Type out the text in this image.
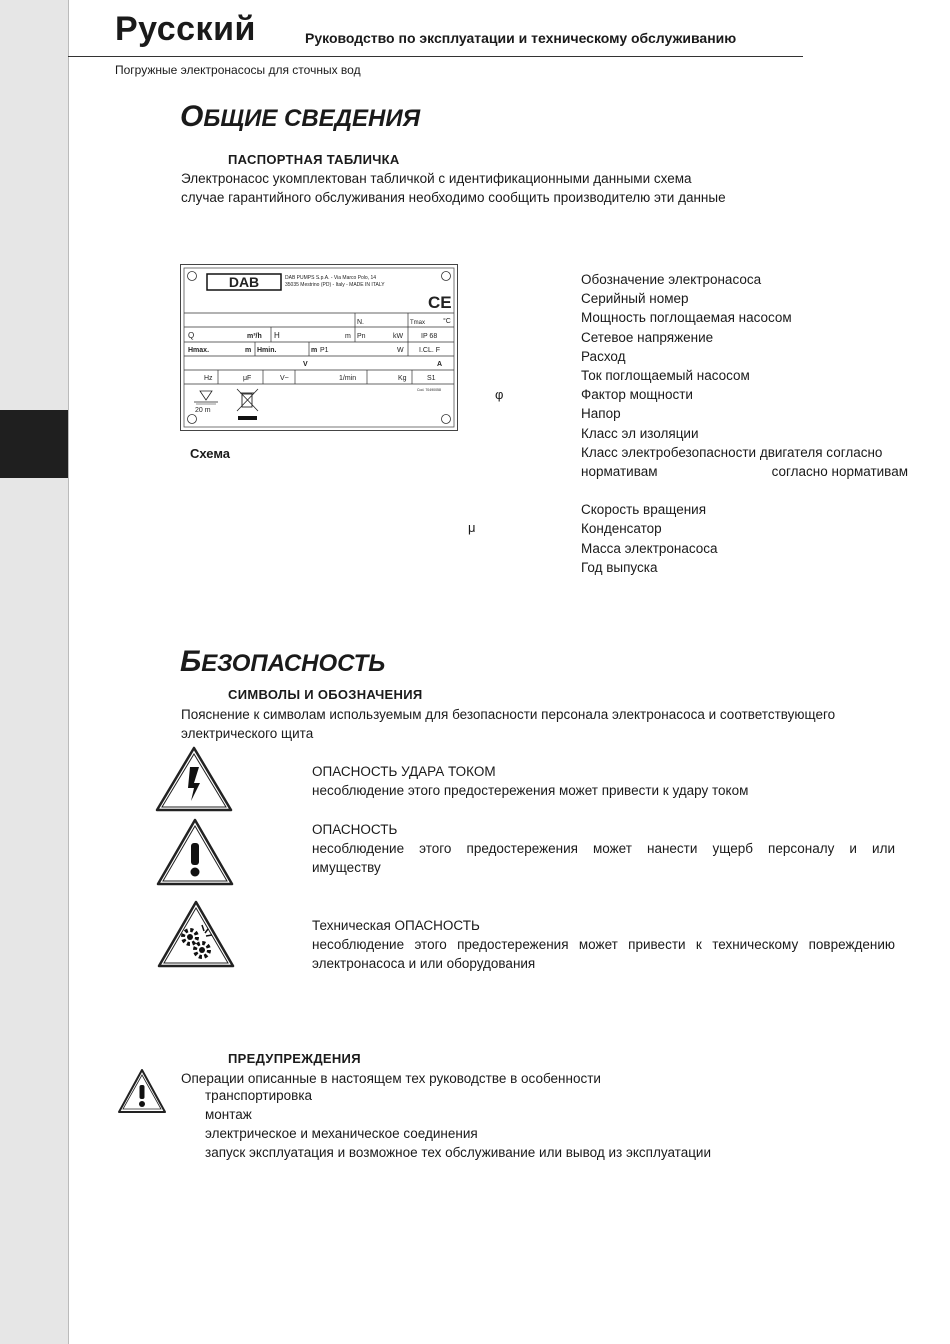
Русский	Руководство по эксплуатации и техническому обслуживанию
Погружные электронасосы для сточных вод
ОБЩИЕ СВЕДЕНИЯ
ПАСПОРТНАЯ ТАБЛИЧКА
Электронасос укомплектован табличкой с идентификационными данными схема
случае гарантийного обслуживания необходимо сообщить производителю эти данные
DAB	DAB PUMPS S.p.A. - Via Marco Polo, 14
35035 Mestrino (PD) - Italy - MADE IN ITALY
CE
N.	Tmax	°C
Q	m³/h H	m Pn	kW	IP 68
Hmax.	m Hmin.	m P1	W I.CL. F
V	A
Hz	μF	V~	1/min	Kg	S1
Cod. 70490058
20 m
Схема
φ
μ
Обозначение электронасоса
Серийный номер
Мощность поглощаемая насосом
Сетевое напряжение
Расход
Ток поглощаемый насосом
Фактор мощности
Напор
Класс эл изоляции
Класс электробезопасности двигателя согласно
нормативам	согласно нормативам
Скорость вращения
Конденсатор
Масса электронасоса
Год выпуска
БЕЗОПАСНОСТЬ
СИМВОЛЫ И ОБОЗНАЧЕНИЯ
Пояснение к символам используемым для безопасности персонала электронасоса и соответствующего
электрического щита
ОПАСНОСТЬ УДАРА ТОКОМ
несоблюдение этого предостережения может привести к удару током
ОПАСНОСТЬ
несоблюдение этого предостережения может нанести ущерб персоналу и или
имуществу
Техническая ОПАСНОСТЬ
несоблюдение этого предостережения может привести к техническому повреждению
электронасоса и или оборудования
ПРЕДУПРЕЖДЕНИЯ
Операции описанные в настоящем тех руководстве в особенности
транспортировка
монтаж
электрическое и механическое соединения
запуск эксплуатация и возможное тех обслуживание или вывод из эксплуатации
